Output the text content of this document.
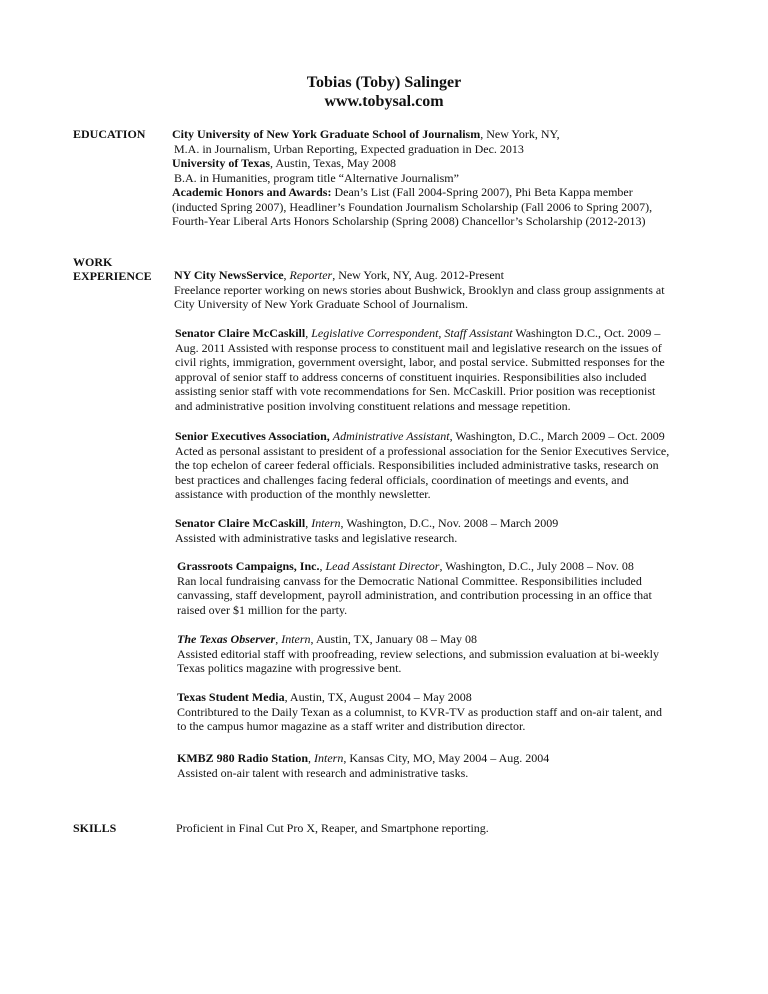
Tobias (Toby) Salinger
www.tobysal.com
EDUCATION	City University of New York Graduate School of Journalism, New York, NY,

M.A. in Journalism, Urban Reporting, Expected graduation in Dec. 2013

University of Texas, Austin, Texas, May 2008

B.A. in Humanities, program title “Alternative Journalism”

Academic Honors and Awards: Dean’s List (Fall 2004-Spring 2007), Phi Beta Kappa member

(inducted Spring 2007), Headliner’s Foundation Journalism Scholarship (Fall 2006 to Spring 2007),

Fourth-Year Liberal Arts Honors Scholarship (Spring 2008) Chancellor’s Scholarship (2012-2013)

WORK
EXPERIENCE	NY City NewsService, Reporter, New York, NY, Aug. 2012-Present

Freelance reporter working on news stories about Bushwick, Brooklyn and class group assignments at

City University of New York Graduate School of Journalism.

Senator Claire McCaskill, Legislative Correspondent, Staff Assistant Washington D.C., Oct. 2009 –

Aug. 2011 Assisted with response process to constituent mail and legislative research on the issues of

civil rights, immigration, government oversight, labor, and postal service. Submitted responses for the

approval of senior staff to address concerns of constituent inquiries. Responsibilities also included

assisting senior staff with vote recommendations for Sen. McCaskill. Prior position was receptionist

and administrative position involving constituent relations and message repetition.

Senior Executives Association, Administrative Assistant, Washington, D.C., March 2009 – Oct. 2009

Acted as personal assistant to president of a professional association for the Senior Executives Service,

the top echelon of career federal officials. Responsibilities included administrative tasks, research on

best practices and challenges facing federal officials, coordination of meetings and events, and

assistance with production of the monthly newsletter.

Senator Claire McCaskill, Intern, Washington, D.C., Nov. 2008 – March 2009

Assisted with administrative tasks and legislative research.

Grassroots Campaigns, Inc., Lead Assistant Director, Washington, D.C., July 2008 – Nov. 08

Ran local fundraising canvass for the Democratic National Committee. Responsibilities included

canvassing, staff development, payroll administration, and contribution processing in an office that

raised over $1 million for the party.

The Texas Observer, Intern, Austin, TX, January 08 – May 08

Assisted editorial staff with proofreading, review selections, and submission evaluation at bi-weekly

Texas politics magazine with progressive bent.

Texas Student Media, Austin, TX, August 2004 – May 2008

Contribtured to the Daily Texan as a columnist, to KVR-TV as production staff and on-air talent, and

to the campus humor magazine as a staff writer and distribution director.

KMBZ 980 Radio Station, Intern, Kansas City, MO, May 2004 – Aug. 2004

Assisted on-air talent with research and administrative tasks.

SKILLS	Proficient in Final Cut Pro X, Reaper, and Smartphone reporting.
